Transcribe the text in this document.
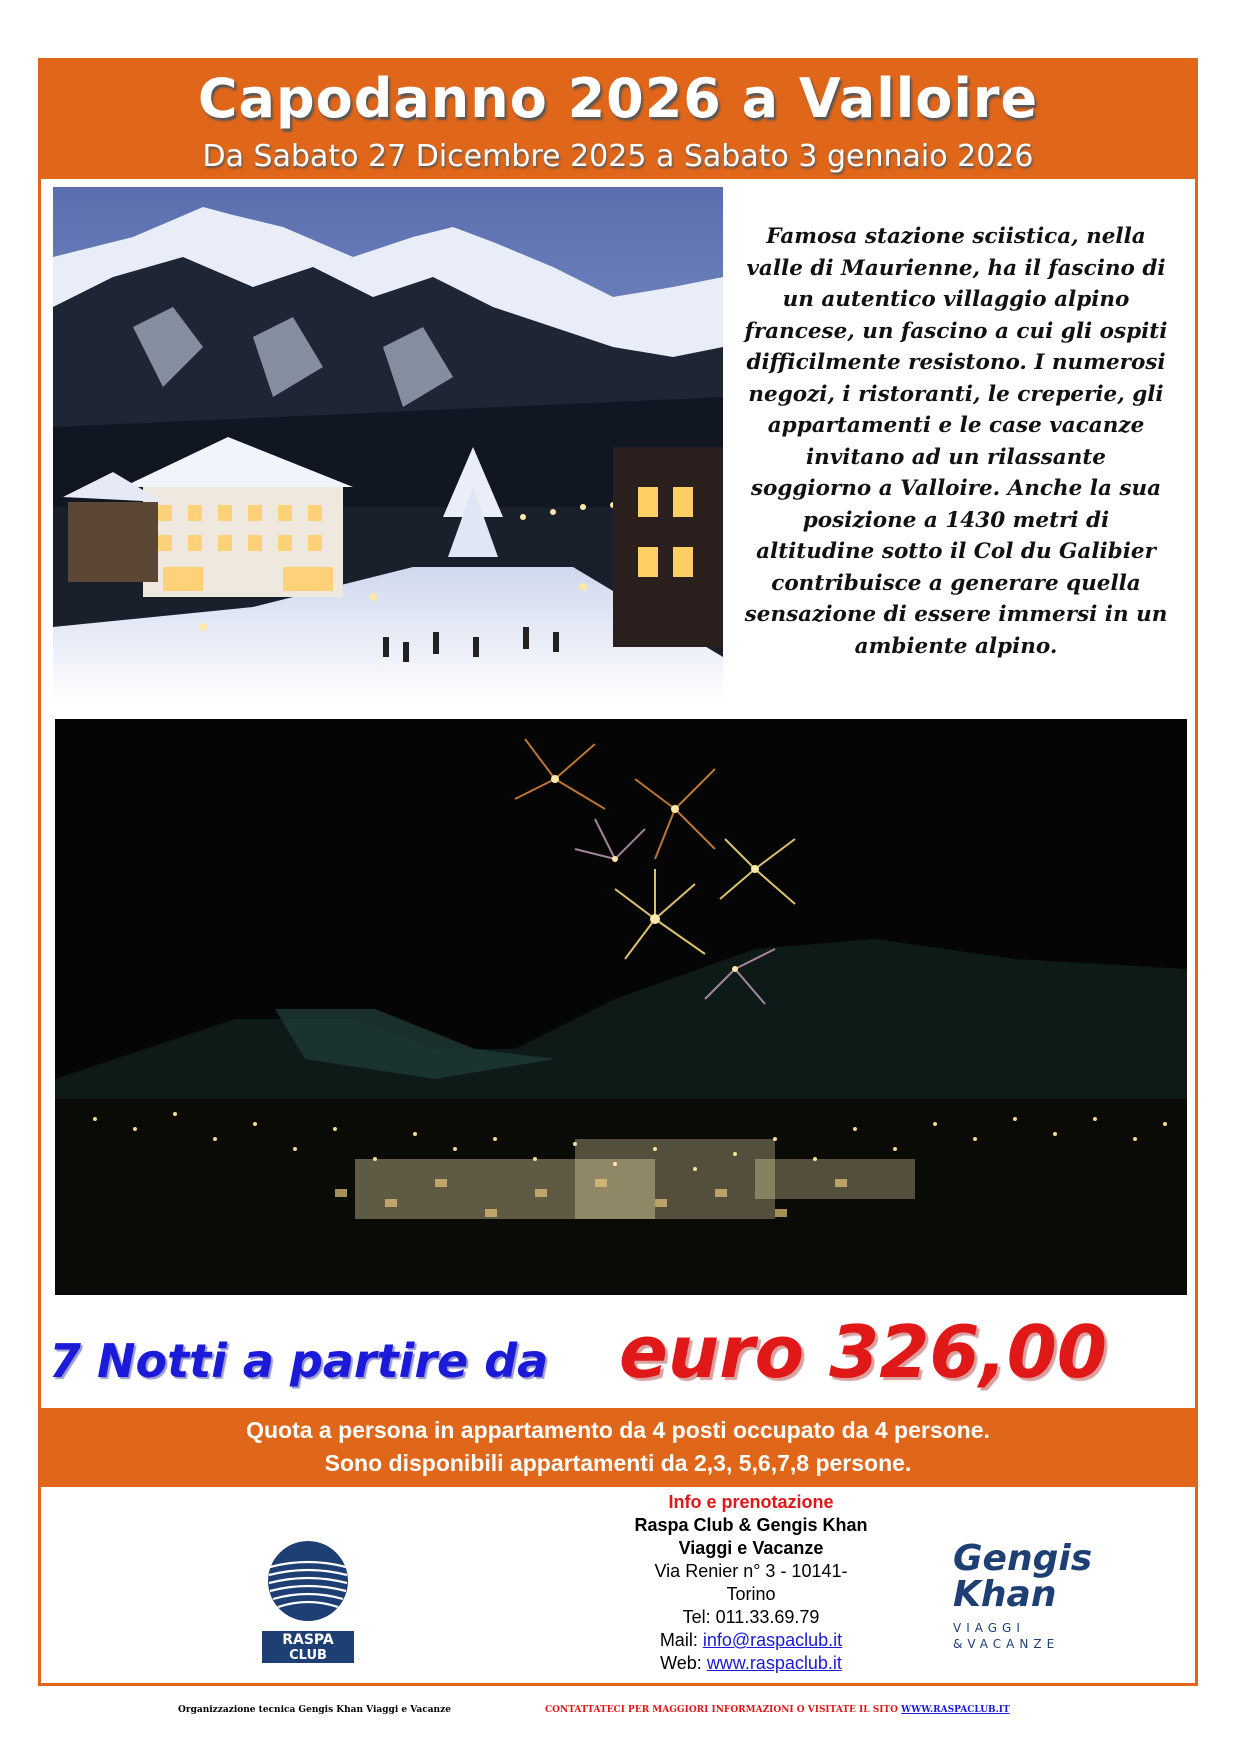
Capodanno 2026 a Valloire
Da Sabato 27 Dicembre 2025 a Sabato 3 gennaio 2026
Famosa stazione sciistica, nella
valle di Maurienne, ha il fascino di
un autentico villaggio alpino
francese, un fascino a cui gli ospiti
difficilmente resistono. I numerosi
negozi, i ristoranti, le creperie, gli
appartamenti e le case vacanze
invitano ad un rilassante
soggiorno a Valloire. Anche la sua
posizione a 1430 metri di
altitudine sotto il Col du Galibier
contribuisce a generare quella
sensazione di essere immersi in un
ambiente alpino.
7 Notti a partire da euro 326,00
Quota a persona in appartamento da 4 posti occupato da 4 persone.
Sono disponibili appartamenti da 2,3, 5,6,7,8 persone.
RASPA
CLUB
Info e prenotazione
Raspa Club & Gengis Khan
Viaggi e Vacanze
Via Renier n° 3 - 10141-
Torino
Tel: 011.33.69.79
Mail: info@raspaclub.it
Web: www.raspaclub.it
Gengis
Khan
VIAGGI
&VACANZE
Organizzazione tecnica Gengis Khan Viaggi e Vacanze	CONTATTATECI PER MAGGIORI INFORMAZIONI O VISITATE IL SITO WWW.RASPACLUB.IT
